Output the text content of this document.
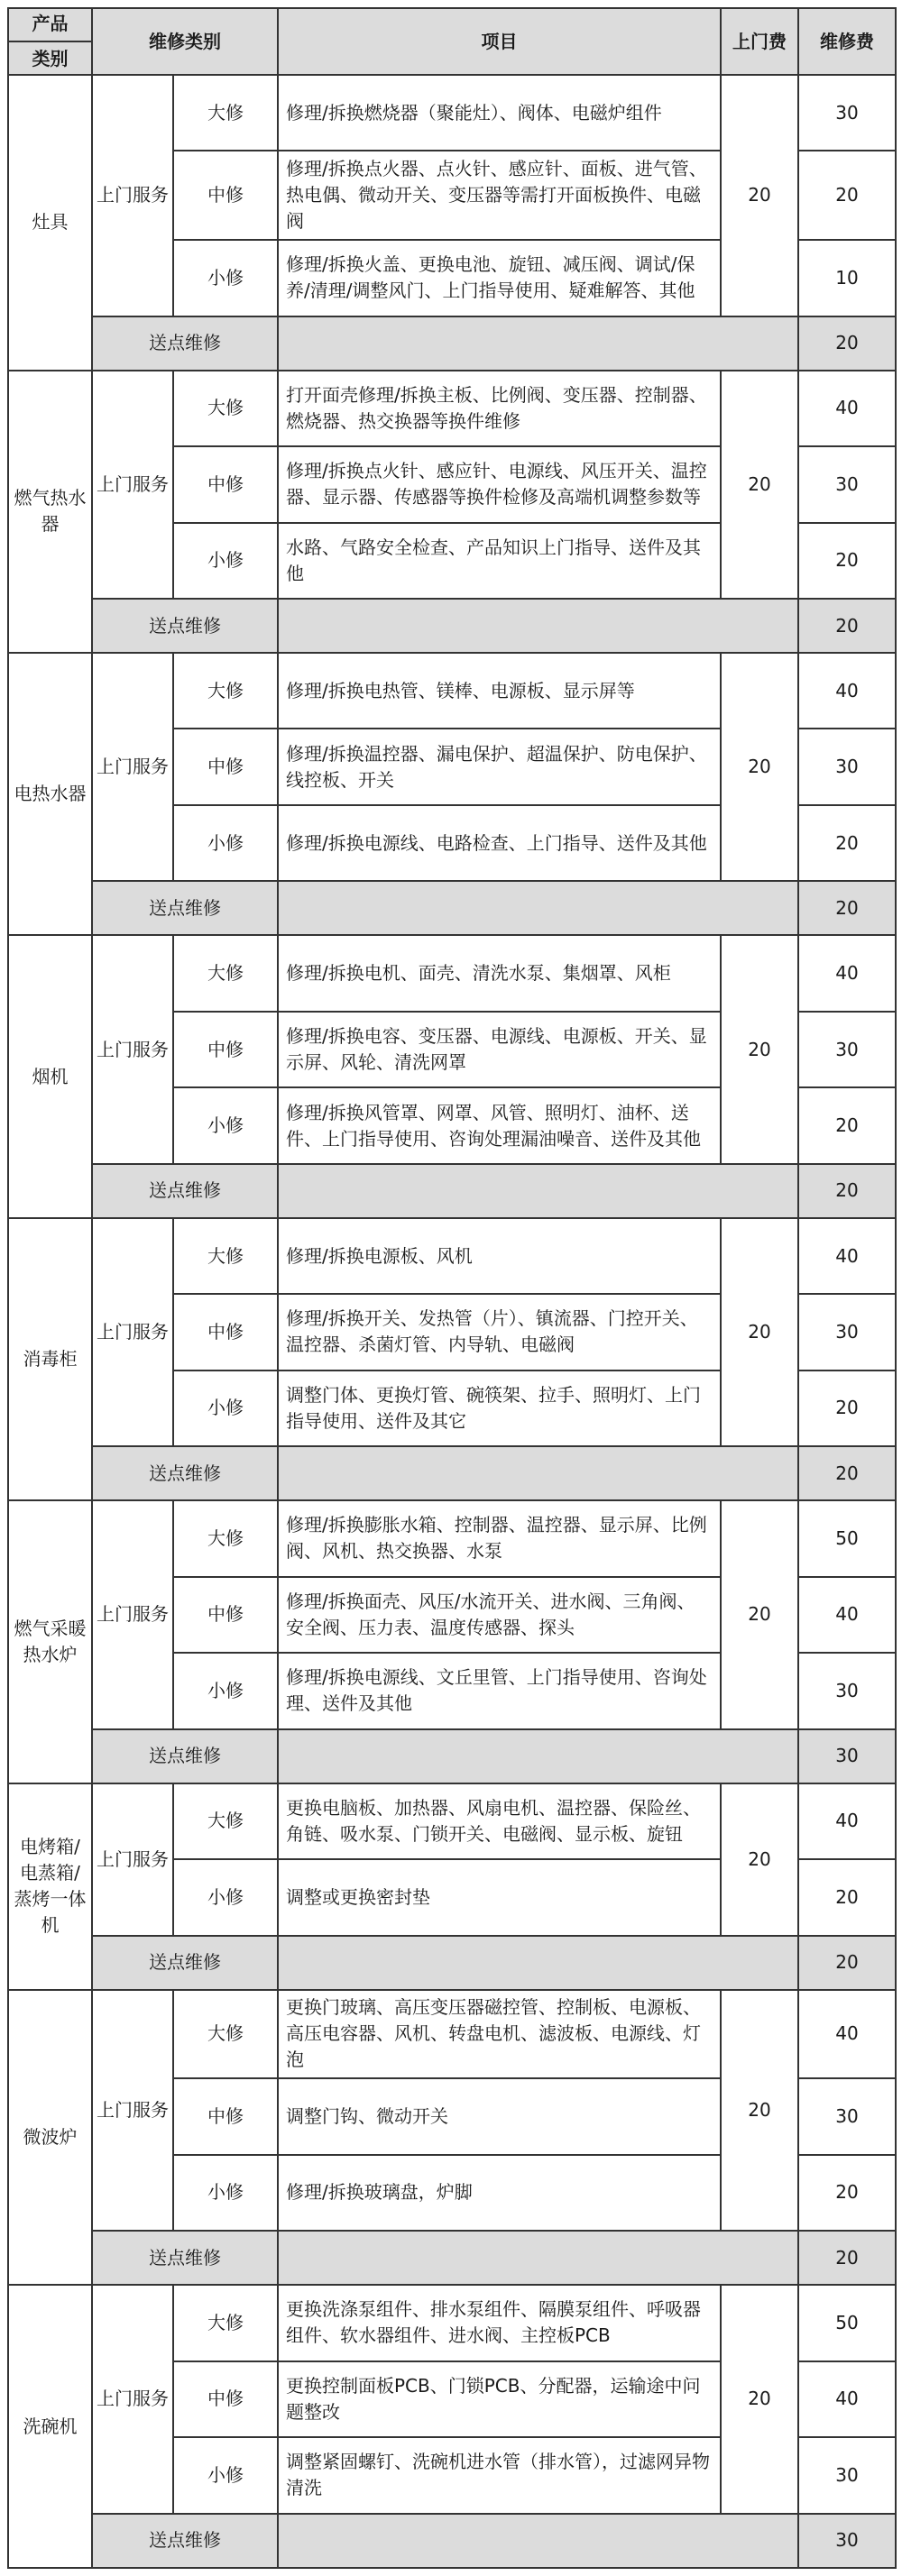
产品
类别	维修类别		项目	上门费	维修费
灶具	上门服务	大修	修理/拆换燃烧器（聚能灶）、阀体、电磁炉组件	20	30
		中修	修理/拆换点火器、点火针、感应针、面板、进气管、热电偶、微动开关、变压器等需打开面板换件、电磁阀		20
		小修	修理/拆换火盖、更换电池、旋钮、减压阀、调试/保养/清理/调整风门、上门指导使用、疑难解答、其他		10
	送点维修				20
燃气热水器	上门服务	大修	打开面壳修理/拆换主板、比例阀、变压器、控制器、燃烧器、热交换器等换件维修	20	40
		中修	修理/拆换点火针、感应针、电源线、风压开关、温控器、显示器、传感器等换件检修及高端机调整参数等		30
		小修	水路、气路安全检查、产品知识上门指导、送件及其他		20
	送点维修				20
电热水器	上门服务	大修	修理/拆换电热管、镁棒、电源板、显示屏等	20	40
		中修	修理/拆换温控器、漏电保护、超温保护、防电保护、线控板、开关		30
		小修	修理/拆换电源线、电路检查、上门指导、送件及其他		20
	送点维修				20
烟机	上门服务	大修	修理/拆换电机、面壳、清洗水泵、集烟罩、风柜	20	40
		中修	修理/拆换电容、变压器、电源线、电源板、开关、显示屏、风轮、清洗网罩		30
		小修	修理/拆换风管罩、网罩、风管、照明灯、油杯、送件、上门指导使用、咨询处理漏油噪音、送件及其他		20
	送点维修				20
消毒柜	上门服务	大修	修理/拆换电源板、风机	20	40
		中修	修理/拆换开关、发热管（片）、镇流器、门控开关、温控器、杀菌灯管、内导轨、电磁阀		30
		小修	调整门体、更换灯管、碗筷架、拉手、照明灯、上门指导使用、送件及其它		20
	送点维修				20
燃气采暖热水炉	上门服务	大修	修理/拆换膨胀水箱、控制器、温控器、显示屏、比例阀、风机、热交换器、水泵	20	50
		中修	修理/拆换面壳、风压/水流开关、进水阀、三角阀、安全阀、压力表、温度传感器、探头		40
		小修	修理/拆换电源线、文丘里管、上门指导使用、咨询处理、送件及其他		30
	送点维修				30
电烤箱/电蒸箱/蒸烤一体机	上门服务	大修	更换电脑板、加热器、风扇电机、温控器、保险丝、角链、吸水泵、门锁开关、电磁阀、显示板、旋钮	20	40
		小修	调整或更换密封垫		20
	送点维修				20
微波炉	上门服务	大修	更换门玻璃、高压变压器磁控管、控制板、电源板、高压电容器、风机、转盘电机、滤波板、电源线、灯泡	20	40
		中修	调整门钩、微动开关		30
		小修	修理/拆换玻璃盘，炉脚		20
	送点维修				20
洗碗机	上门服务	大修	更换洗涤泵组件、排水泵组件、隔膜泵组件、呼吸器组件、软水器组件、进水阀、主控板PCB	20	50
		中修	更换控制面板PCB、门锁PCB、分配器，运输途中问题整改		40
		小修	调整紧固螺钉、洗碗机进水管（排水管），过滤网异物清洗		30
	送点维修				30
